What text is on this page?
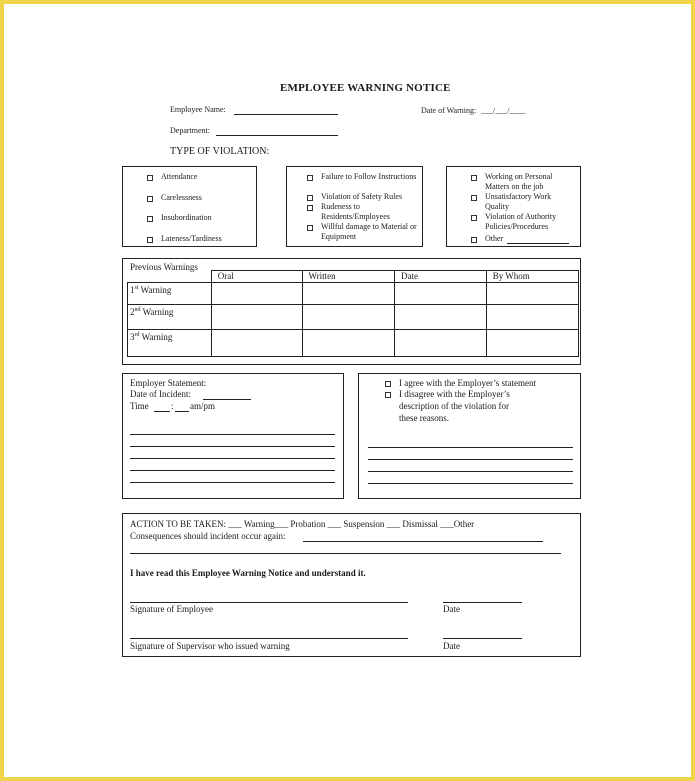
EMPLOYEE WARNING NOTICE
Employee Name:	Date of Warning: ___/___/____
Department:
TYPE OF VIOLATION:
Attendance
Carelessness
Insubordination
Lateness/Tardiness
Failure to Follow Instructions
Violation of Safety Rules
Rudeness to Residents/Employees
Willful damage to Material or Equipment
Working on Personal Matters on the job
Unsatisfactory Work Quality
Violation of Authority Policies/Procedures
Other
Previous Warnings
	Oral	Written	Date	By Whom
1st Warning				
2nd Warning				
3rd Warning				
Employer Statement:
Date of Incident:
Time : am/pm
I agree with the Employer’s statement
I disagree with the Employer’s
description of the violation for
these reasons.
ACTION TO BE TAKEN: ___ Warning___ Probation ___ Suspension ___ Dismissal ___Other
Consequences should incident occur again:
I have read this Employee Warning Notice and understand it.
Signature of Employee	Date
Signature of Supervisor who issued warning	Date
